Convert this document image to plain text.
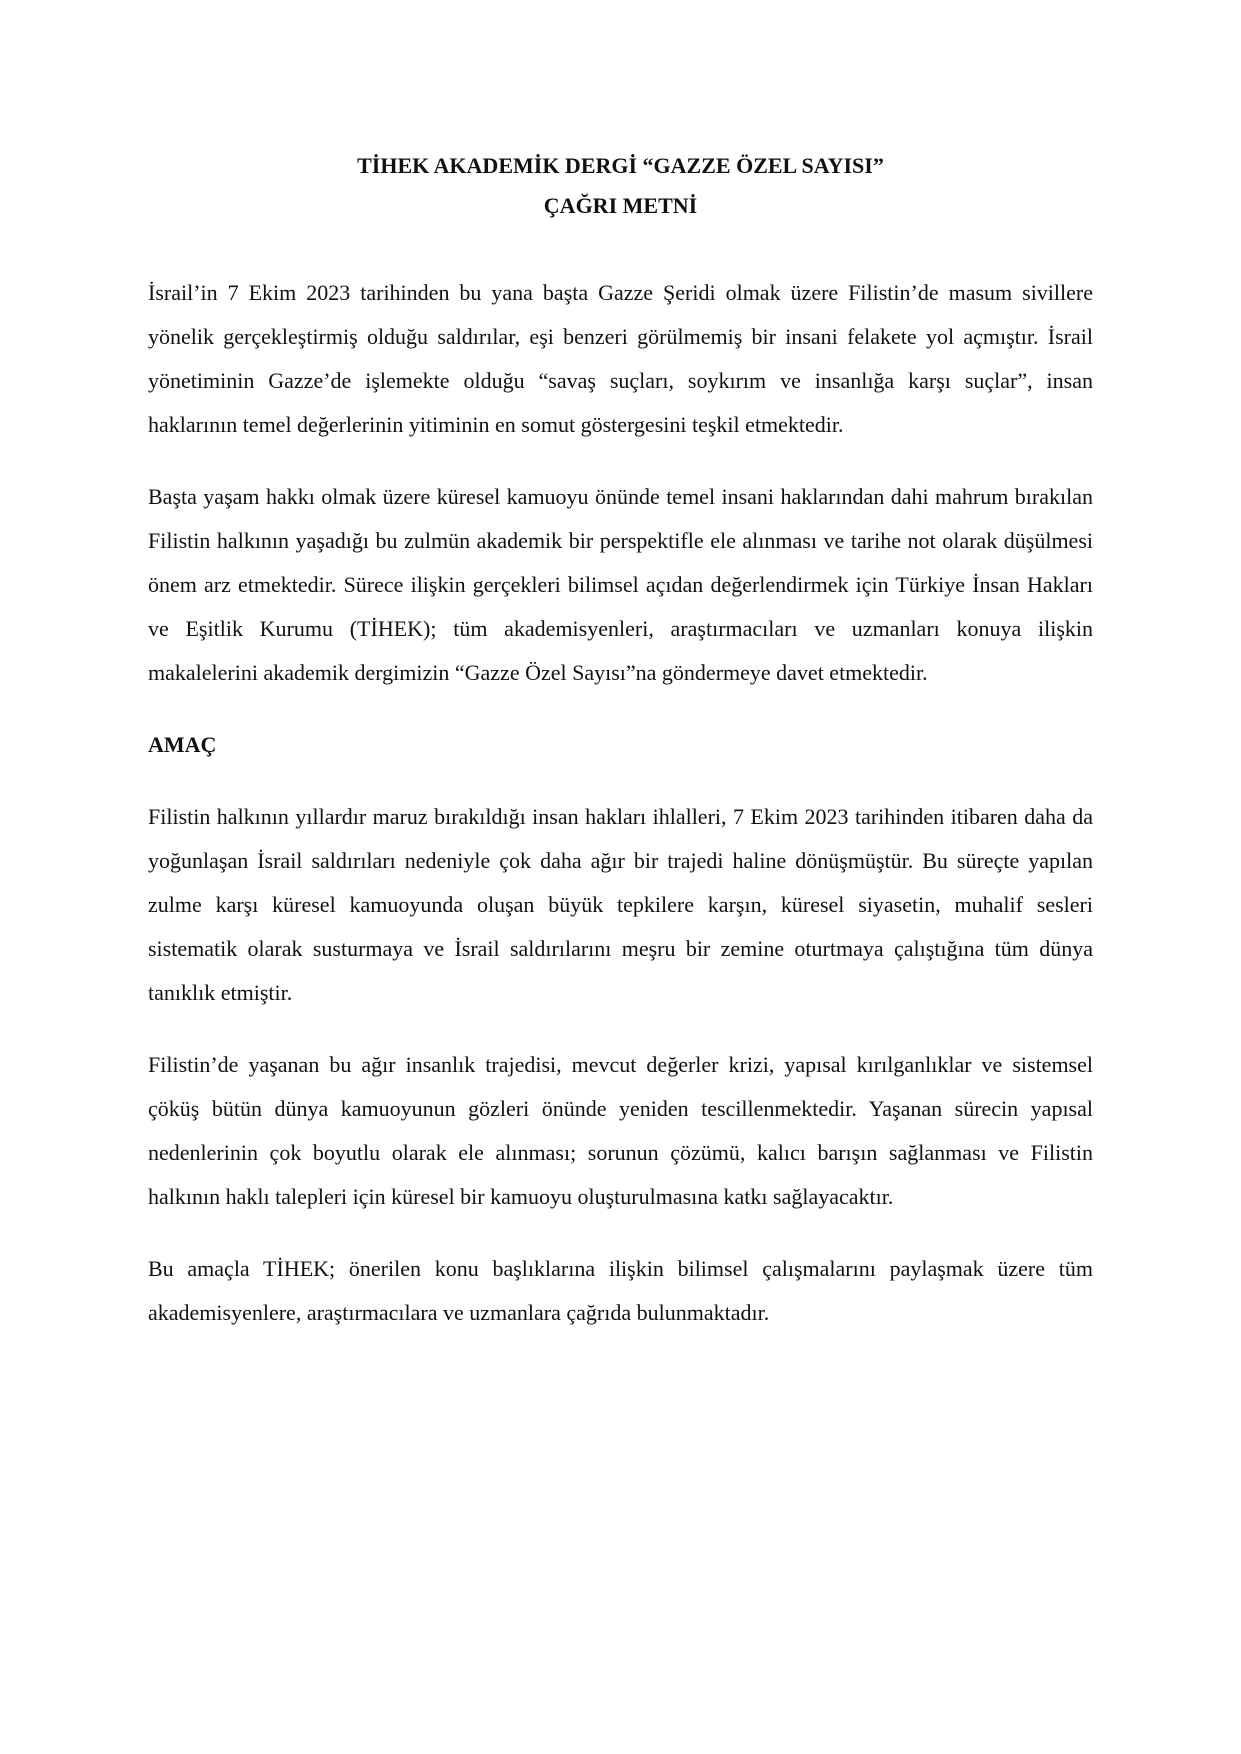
TİHEK AKADEMİK DERGİ “GAZZE ÖZEL SAYISI”
ÇAĞRI METNİ

İsrail’in 7 Ekim 2023 tarihinden bu yana başta Gazze Şeridi olmak üzere Filistin’de masum sivillere yönelik gerçekleştirmiş olduğu saldırılar, eşi benzeri görülmemiş bir insani felakete yol açmıştır. İsrail yönetiminin Gazze’de işlemekte olduğu “savaş suçları, soykırım ve insanlığa karşı suçlar”, insan haklarının temel değerlerinin yitiminin en somut göstergesini teşkil etmektedir.

Başta yaşam hakkı olmak üzere küresel kamuoyu önünde temel insani haklarından dahi mahrum bırakılan Filistin halkının yaşadığı bu zulmün akademik bir perspektifle ele alınması ve tarihe not olarak düşülmesi önem arz etmektedir. Sürece ilişkin gerçekleri bilimsel açıdan değerlendirmek için Türkiye İnsan Hakları ve Eşitlik Kurumu (TİHEK); tüm akademisyenleri, araştırmacıları ve uzmanları konuya ilişkin makalelerini akademik dergimizin “Gazze Özel Sayısı”na göndermeye davet etmektedir.

AMAÇ

Filistin halkının yıllardır maruz bırakıldığı insan hakları ihlalleri, 7 Ekim 2023 tarihinden itibaren daha da yoğunlaşan İsrail saldırıları nedeniyle çok daha ağır bir trajedi haline dönüşmüştür. Bu süreçte yapılan zulme karşı küresel kamuoyunda oluşan büyük tepkilere karşın, küresel siyasetin, muhalif sesleri sistematik olarak susturmaya ve İsrail saldırılarını meşru bir zemine oturtmaya çalıştığına tüm dünya tanıklık etmiştir.

Filistin’de yaşanan bu ağır insanlık trajedisi, mevcut değerler krizi, yapısal kırılganlıklar ve sistemsel çöküş bütün dünya kamuoyunun gözleri önünde yeniden tescillenmektedir. Yaşanan sürecin yapısal nedenlerinin çok boyutlu olarak ele alınması; sorunun çözümü, kalıcı barışın sağlanması ve Filistin halkının haklı talepleri için küresel bir kamuoyu oluşturulmasına katkı sağlayacaktır.

Bu amaçla TİHEK; önerilen konu başlıklarına ilişkin bilimsel çalışmalarını paylaşmak üzere tüm akademisyenlere, araştırmacılara ve uzmanlara çağrıda bulunmaktadır.
